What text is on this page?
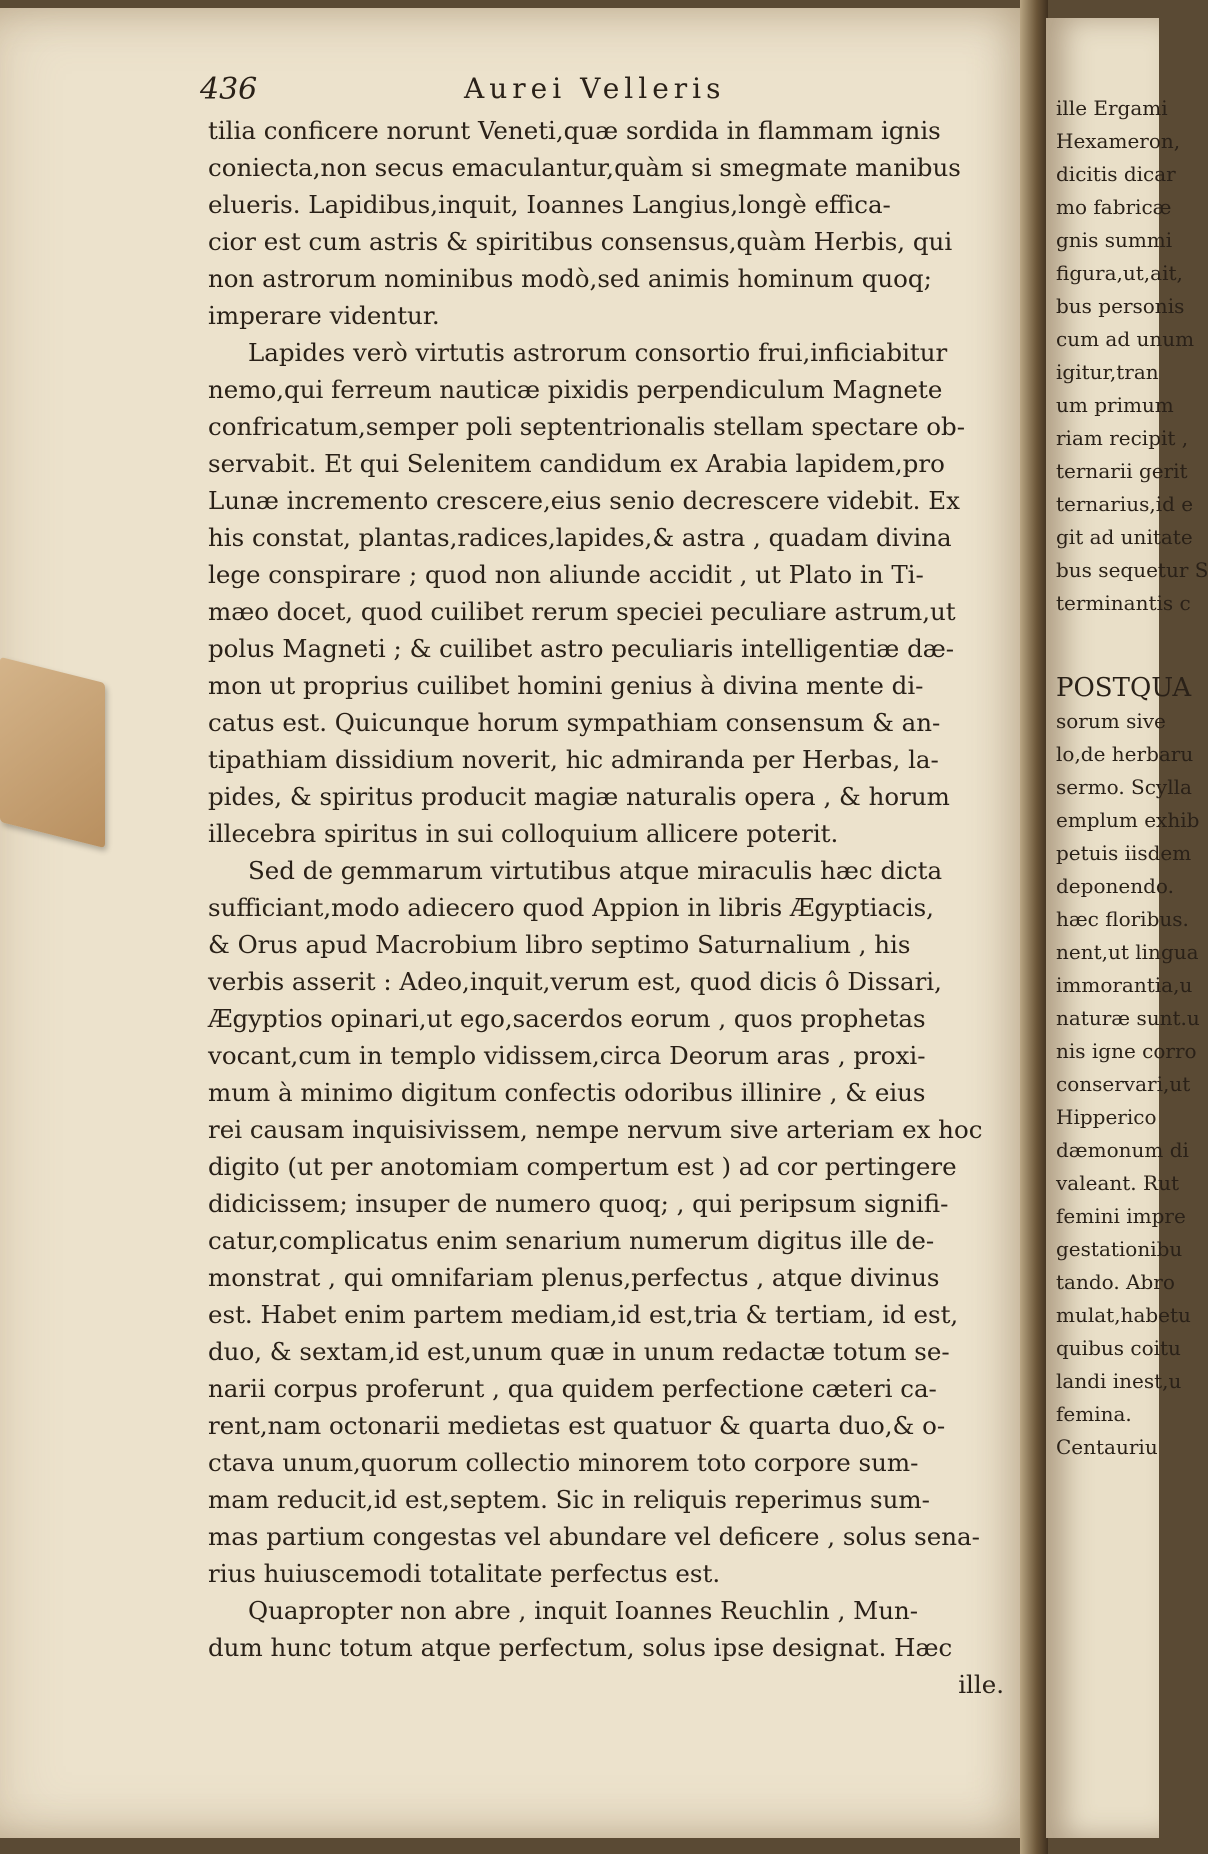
436	Aurei Velleris
tilia conficere norunt Veneti,quæ sordida in flammam ignis
coniecta,non secus emaculantur,quàm si smegmate manibus
elueris. Lapidibus,inquit, Ioannes Langius,longè effica-
cior est cum astris & spiritibus consensus,quàm Herbis, qui
non astrorum nominibus modò,sed animis hominum quoq;
imperare videntur.
Lapides verò virtutis astrorum consortio frui,inficiabitur
nemo,qui ferreum nauticæ pixidis perpendiculum Magnete
confricatum,semper poli septentrionalis stellam spectare ob-
servabit. Et qui Selenitem candidum ex Arabia lapidem,pro
Lunæ incremento crescere,eius senio decrescere videbit. Ex
his constat, plantas,radices,lapides,& astra , quadam divina
lege conspirare ; quod non aliunde accidit , ut Plato in Ti-
mæo docet, quod cuilibet rerum speciei peculiare astrum,ut
polus Magneti ; & cuilibet astro peculiaris intelligentiæ dæ-
mon ut proprius cuilibet homini genius à divina mente di-
catus est. Quicunque horum sympathiam consensum & an-
tipathiam dissidium noverit, hic admiranda per Herbas, la-
pides, & spiritus producit magiæ naturalis opera , & horum
illecebra spiritus in sui colloquium allicere poterit.
Sed de gemmarum virtutibus atque miraculis hæc dicta
sufficiant,modo adiecero quod Appion in libris Ægyptiacis,
& Orus apud Macrobium libro septimo Saturnalium , his
verbis asserit : Adeo,inquit,verum est, quod dicis ô Dissari,
Ægyptios opinari,ut ego,sacerdos eorum , quos prophetas
vocant,cum in templo vidissem,circa Deorum aras , proxi-
mum à minimo digitum confectis odoribus illinire , & eius
rei causam inquisivissem, nempe nervum sive arteriam ex hoc
digito (ut per anotomiam compertum est ) ad cor pertingere
didicissem; insuper de numero quoq; , qui peripsum signifi-
catur,complicatus enim senarium numerum digitus ille de-
monstrat , qui omnifariam plenus,perfectus , atque divinus
est. Habet enim partem mediam,id est,tria & tertiam, id est,
duo, & sextam,id est,unum quæ in unum redactæ totum se-
narii corpus proferunt , qua quidem perfectione cæteri ca-
rent,nam octonarii medietas est quatuor & quarta duo,& o-
ctava unum,quorum collectio minorem toto corpore sum-
mam reducit,id est,septem. Sic in reliquis reperimus sum-
mas partium congestas vel abundare vel deficere , solus sena-
rius huiuscemodi totalitate perfectus est.
Quapropter non abre , inquit Ioannes Reuchlin , Mun-
dum hunc totum atque perfectum, solus ipse designat. Hæc
ille.
ille Ergami
Hexameron,
dicitis dicar
mo fabricæ
gnis summi
figura,ut,ait,
bus personis
cum ad unum
igitur,tran
um primum
riam recipit ,
ternarii gerit
ternarius,id e
git ad unitate
bus sequetur S
terminantis c
POSTQUA
sorum sive
lo,de herbaru
sermo. Scylla
emplum exhib
petuis iisdem
deponendo.
hæc floribus.
nent,ut lingua
immorantia,u
naturæ sunt.u
nis igne corro
conservari,ut
Hipperico
dæmonum di
valeant. Rut
femini impre
gestationibu
tando. Abro
mulat,habetu
quibus coitu
landi inest,u
femina.
Centauriu
